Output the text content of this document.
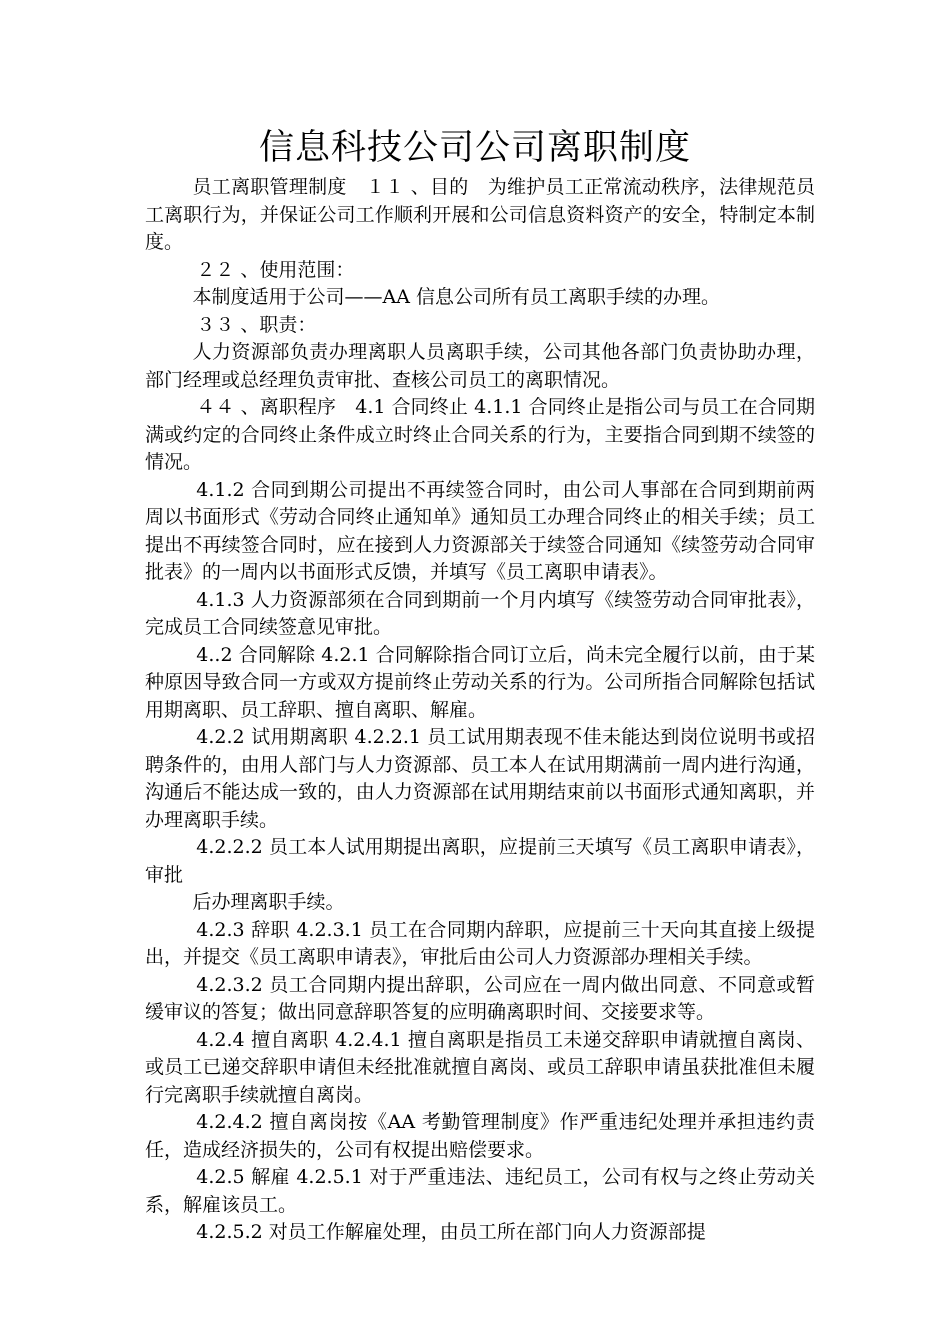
信息科技公司公司离职制度

员工离职管理制度　１１ 、目的　为维护员工正常流动秩序，法律规范员工离职行为，并保证公司工作顺利开展和公司信息资料资产的安全，特制定本制度。

２２ 、使用范围：

本制度适用于公司——AA 信息公司所有员工离职手续的办理。

３３ 、职责：

人力资源部负责办理离职人员离职手续，公司其他各部门负责协助办理，部门经理或总经理负责审批、查核公司员工的离职情况。

４４ 、离职程序　4.1 合同终止 4.1.1 合同终止是指公司与员工在合同期满或约定的合同终止条件成立时终止合同关系的行为，主要指合同到期不续签的情况。

4.1.2 合同到期公司提出不再续签合同时，由公司人事部在合同到期前两周以书面形式《劳动合同终止通知单》通知员工办理合同终止的相关手续；员工提出不再续签合同时，应在接到人力资源部关于续签合同通知《续签劳动合同审批表》的一周内以书面形式反馈，并填写《员工离职申请表》。

4.1.3 人力资源部须在合同到期前一个月内填写《续签劳动合同审批表》，完成员工合同续签意见审批。

4..2 合同解除 4.2.1 合同解除指合同订立后，尚未完全履行以前，由于某种原因导致合同一方或双方提前终止劳动关系的行为。公司所指合同解除包括试用期离职、员工辞职、擅自离职、解雇。

4.2.2 试用期离职 4.2.2.1 员工试用期表现不佳未能达到岗位说明书或招聘条件的，由用人部门与人力资源部、员工本人在试用期满前一周内进行沟通，沟通后不能达成一致的，由人力资源部在试用期结束前以书面形式通知离职，并办理离职手续。

4.2.2.2 员工本人试用期提出离职，应提前三天填写《员工离职申请表》，审批

后办理离职手续。

4.2.3 辞职 4.2.3.1 员工在合同期内辞职，应提前三十天向其直接上级提出，并提交《员工离职申请表》，审批后由公司人力资源部办理相关手续。

4.2.3.2 员工合同期内提出辞职，公司应在一周内做出同意、不同意或暂缓审议的答复；做出同意辞职答复的应明确离职时间、交接要求等。

4.2.4 擅自离职 4.2.4.1 擅自离职是指员工未递交辞职申请就擅自离岗、或员工已递交辞职申请但未经批准就擅自离岗、或员工辞职申请虽获批准但未履行完离职手续就擅自离岗。

4.2.4.2 擅自离岗按《AA 考勤管理制度》作严重违纪处理并承担违约责任，造成经济损失的，公司有权提出赔偿要求。

4.2.5 解雇 4.2.5.1 对于严重违法、违纪员工，公司有权与之终止劳动关系，解雇该员工。

4.2.5.2 对员工作解雇处理，由员工所在部门向人力资源部提
